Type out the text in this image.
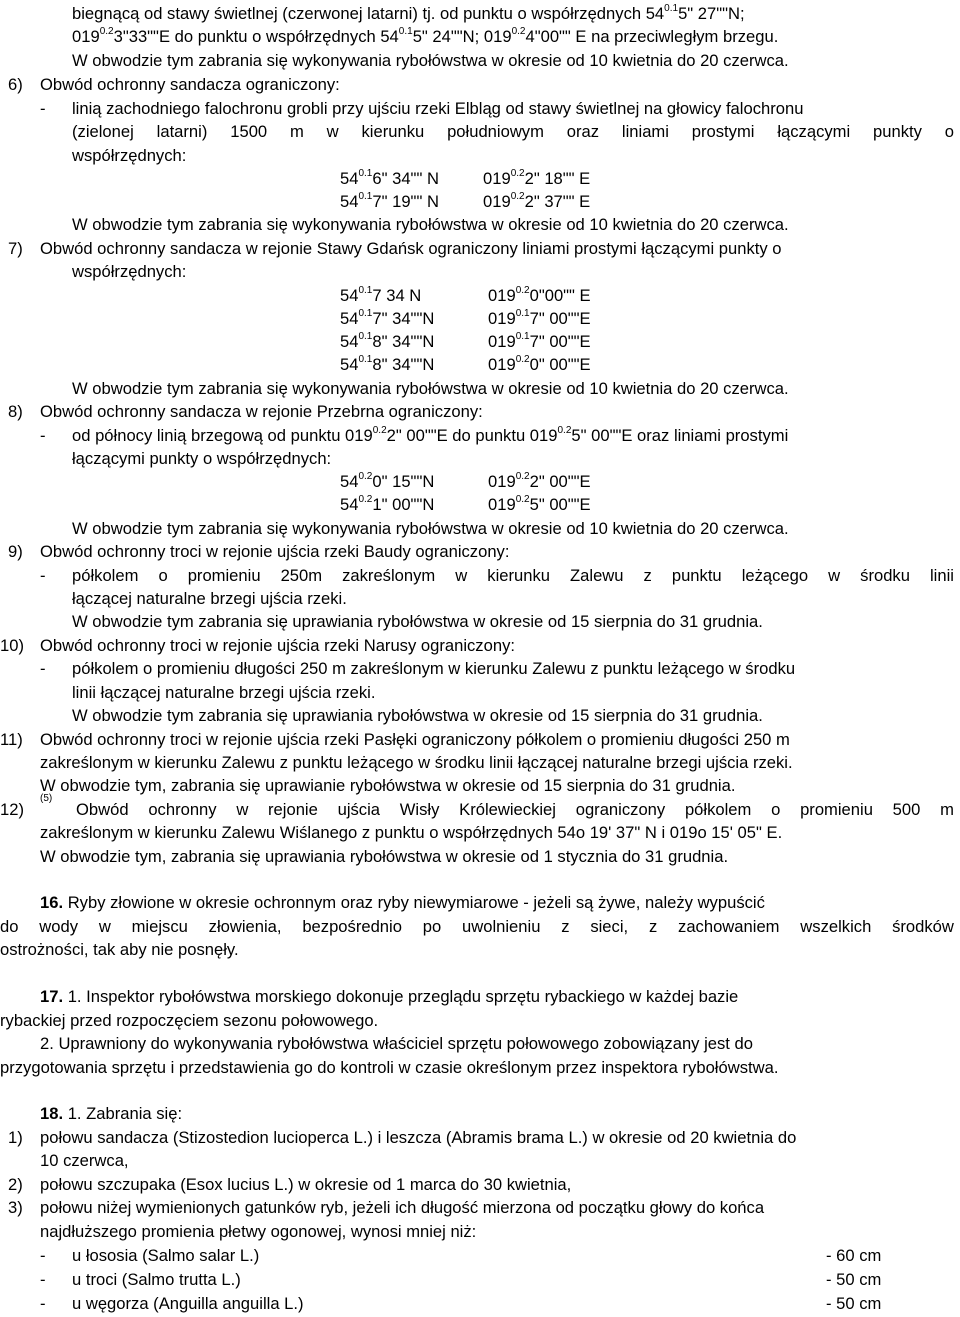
biegnącą od stawy świetlnej (czerwonej latarni) tj. od punktu o współrzędnych $54^{0.1}5$" 27""N;
$019^{0.2}3"33""E$ do punktu o współrzędnych $54^{0.1}5$" 24""N; $019^{0.2}4"00$"" E na przeciwległym brzegu.
W obwodzie tym zabrania się wykonywania rybołówstwa w okresie od 10 kwietnia do 20 czerwca.
6) Obwód ochronny sandacza ograniczony:
- linią zachodniego falochronu grobli przy ujściu rzeki Elbląg od stawy świetlnej na głowicy falochronu
(zielonej latarni) 1500 m w kierunku południowym oraz liniami prostymi łączącymi punkty o
współrzędnych:
$54^{0.1}6$" 34"" N	$019^{0.2}2$" 18"" E
$54^{0.1}7$" 19"" N	$019^{0.2}2$" 37"" E
W obwodzie tym zabrania się wykonywania rybołówstwa w okresie od 10 kwietnia do 20 czerwca.
7) Obwód ochronny sandacza w rejonie Stawy Gdańsk ograniczony liniami prostymi łączącymi punkty o
współrzędnych:
$54^{0.1}7$ 34 N	$019^{0.2}0"00$"" E
$54^{0.1}7$" 34""N	$019^{0.1}7$" 00""E
$54^{0.1}8$" 34""N	$019^{0.1}7$" 00""E
$54^{0.1}8$" 34""N	$019^{0.2}0$" 00""E
W obwodzie tym zabrania się wykonywania rybołówstwa w okresie od 10 kwietnia do 20 czerwca.
8) Obwód ochronny sandacza w rejonie Przebrna ograniczony:
- od północy linią brzegową od punktu $019^{0.2}2$" 00""E do punktu $019^{0.2}5$" 00""E oraz liniami prostymi
łączącymi punkty o współrzędnych:
$54^{0.2}0$" 15""N	$019^{0.2}2$" 00""E
$54^{0.2}1$" 00""N	$019^{0.2}5$" 00""E
W obwodzie tym zabrania się wykonywania rybołówstwa w okresie od 10 kwietnia do 20 czerwca.
9) Obwód ochronny troci w rejonie ujścia rzeki Baudy ograniczony:
- półkolem o promieniu 250m zakreślonym w kierunku Zalewu z punktu leżącego w środku linii
łączącej naturalne brzegi ujścia rzeki.
W obwodzie tym zabrania się uprawiania rybołówstwa w okresie od 15 sierpnia do 31 grudnia.
10) Obwód ochronny troci w rejonie ujścia rzeki Narusy ograniczony:
- półkolem o promieniu długości 250 m zakreślonym w kierunku Zalewu z punktu leżącego w środku
linii łączącej naturalne brzegi ujścia rzeki.
W obwodzie tym zabrania się uprawiania rybołówstwa w okresie od 15 sierpnia do 31 grudnia.
11) Obwód ochronny troci w rejonie ujścia rzeki Pasłęki ograniczony półkolem o promieniu długości 250 m
zakreślonym w kierunku Zalewu z punktu leżącego w środku linii łączącej naturalne brzegi ujścia rzeki.
W obwodzie tym, zabrania się uprawianie rybołówstwa w okresie od 15 sierpnia do 31 grudnia.
12)
(5)
Obwód ochronny w rejonie ujścia Wisły Królewieckiej ograniczony półkolem o promieniu 500 m
zakreślonym w kierunku Zalewu Wiślanego z punktu o współrzędnych 54o 19' 37" N i 019o 15' 05" E.
W obwodzie tym, zabrania się uprawiania rybołówstwa w okresie od 1 stycznia do 31 grudnia.
16. Ryby złowione w okresie ochronnym oraz ryby niewymiarowe - jeżeli są żywe, należy wypuścić
do wody w miejscu złowienia, bezpośrednio po uwolnieniu z sieci, z zachowaniem wszelkich środków
ostrożności, tak aby nie posnęły.
17. 1. Inspektor rybołówstwa morskiego dokonuje przeglądu sprzętu rybackiego w każdej bazie
rybackiej przed rozpoczęciem sezonu połowowego.
2. Uprawniony do wykonywania rybołówstwa właściciel sprzętu połowowego zobowiązany jest do
przygotowania sprzętu i przedstawienia go do kontroli w czasie określonym przez inspektora rybołówstwa.
18. 1. Zabrania się:
1) połowu sandacza (Stizostedion lucioperca L.) i leszcza (Abramis brama L.) w okresie od 20 kwietnia do
10 czerwca,
2) połowu szczupaka (Esox lucius L.) w okresie od 1 marca do 30 kwietnia,
3) połowu niżej wymienionych gatunków ryb, jeżeli ich długość mierzona od początku głowy do końca
najdłuższego promienia płetwy ogonowej, wynosi mniej niż:
- u łososia (Salmo salar L.)	- 60 cm
- u troci (Salmo trutta L.)	- 50 cm
- u węgorza (Anguilla anguilla L.)	- 50 cm
